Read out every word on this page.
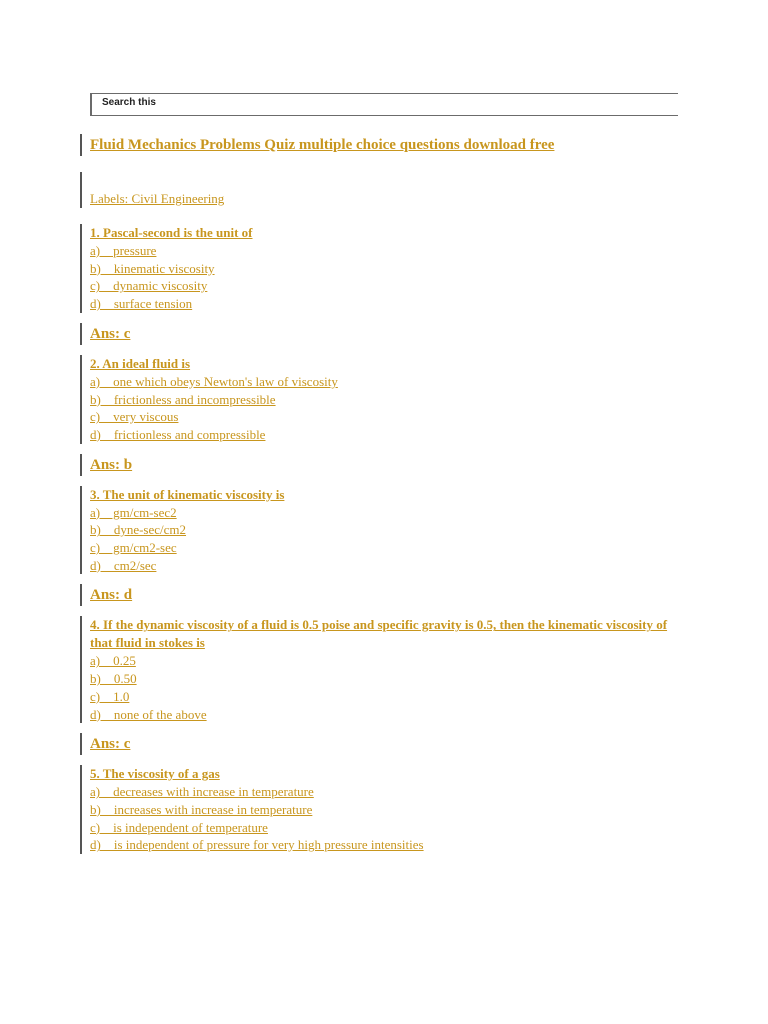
Search this
Fluid Mechanics Problems Quiz multiple choice questions download free
Labels: Civil Engineering
1. Pascal-second is the unit of
a)    pressure
b)    kinematic viscosity
c)    dynamic viscosity
d)    surface tension
Ans: c
2. An ideal fluid is
a)    one which obeys Newton's law of viscosity
b)    frictionless and incompressible
c)    very viscous
d)    frictionless and compressible
Ans: b
3. The unit of kinematic viscosity is
a)    gm/cm-sec2
b)    dyne-sec/cm2
c)    gm/cm2-sec
d)    cm2/sec
Ans: d
4. If the dynamic viscosity of a fluid is 0.5 poise and specific gravity is 0.5, then the kinematic viscosity of that fluid in stokes is
a)    0.25
b)    0.50
c)    1.0
d)    none of the above
Ans: c
5. The viscosity of a gas
a)    decreases with increase in temperature
b)    increases with increase in temperature
c)    is independent of temperature
d)    is independent of pressure for very high pressure intensities
